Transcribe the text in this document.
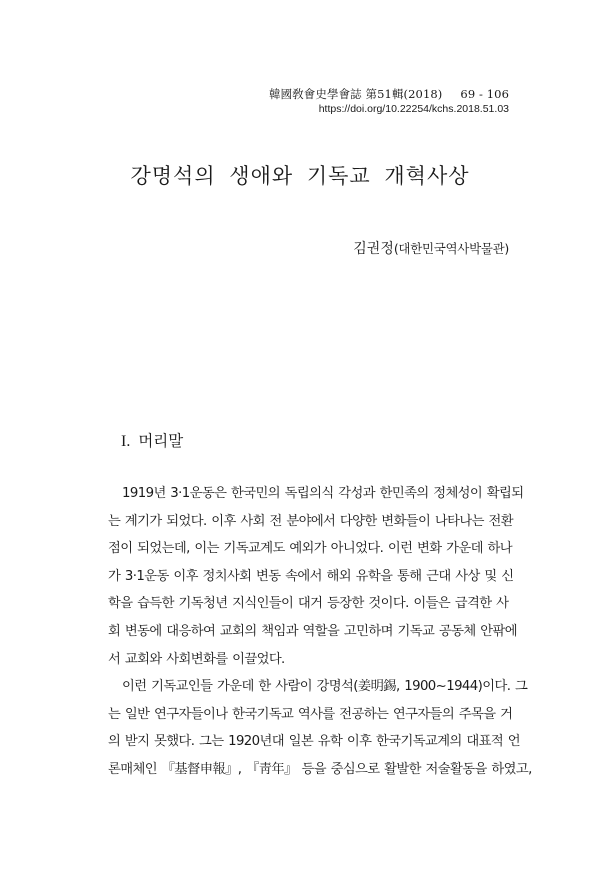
韓國敎會史學會誌 第51輯(2018) 69 - 106
https://doi.org/10.22254/kchs.2018.51.03
강명석의 생애와 기독교 개혁사상
김권정(대한민국역사박물관)
I. 머리말
1919년 3·1운동은 한국민의 독립의식 각성과 한민족의 정체성이 확립되
는 계기가 되었다. 이후 사회 전 분야에서 다양한 변화들이 나타나는 전환
점이 되었는데, 이는 기독교계도 예외가 아니었다. 이런 변화 가운데 하나
가 3·1운동 이후 정치사회 변동 속에서 해외 유학을 통해 근대 사상 및 신
학을 습득한 기독청년 지식인들이 대거 등장한 것이다. 이들은 급격한 사
회 변동에 대응하여 교회의 책임과 역할을 고민하며 기독교 공동체 안팎에
서 교회와 사회변화를 이끌었다.
이런 기독교인들 가운데 한 사람이 강명석(姜明錫, 1900~1944)이다. 그
는 일반 연구자들이나 한국기독교 역사를 전공하는 연구자들의 주목을 거
의 받지 못했다. 그는 1920년대 일본 유학 이후 한국기독교계의 대표적 언
론매체인 『基督申報』, 『靑年』 등을 중심으로 활발한 저술활동을 하였고,
